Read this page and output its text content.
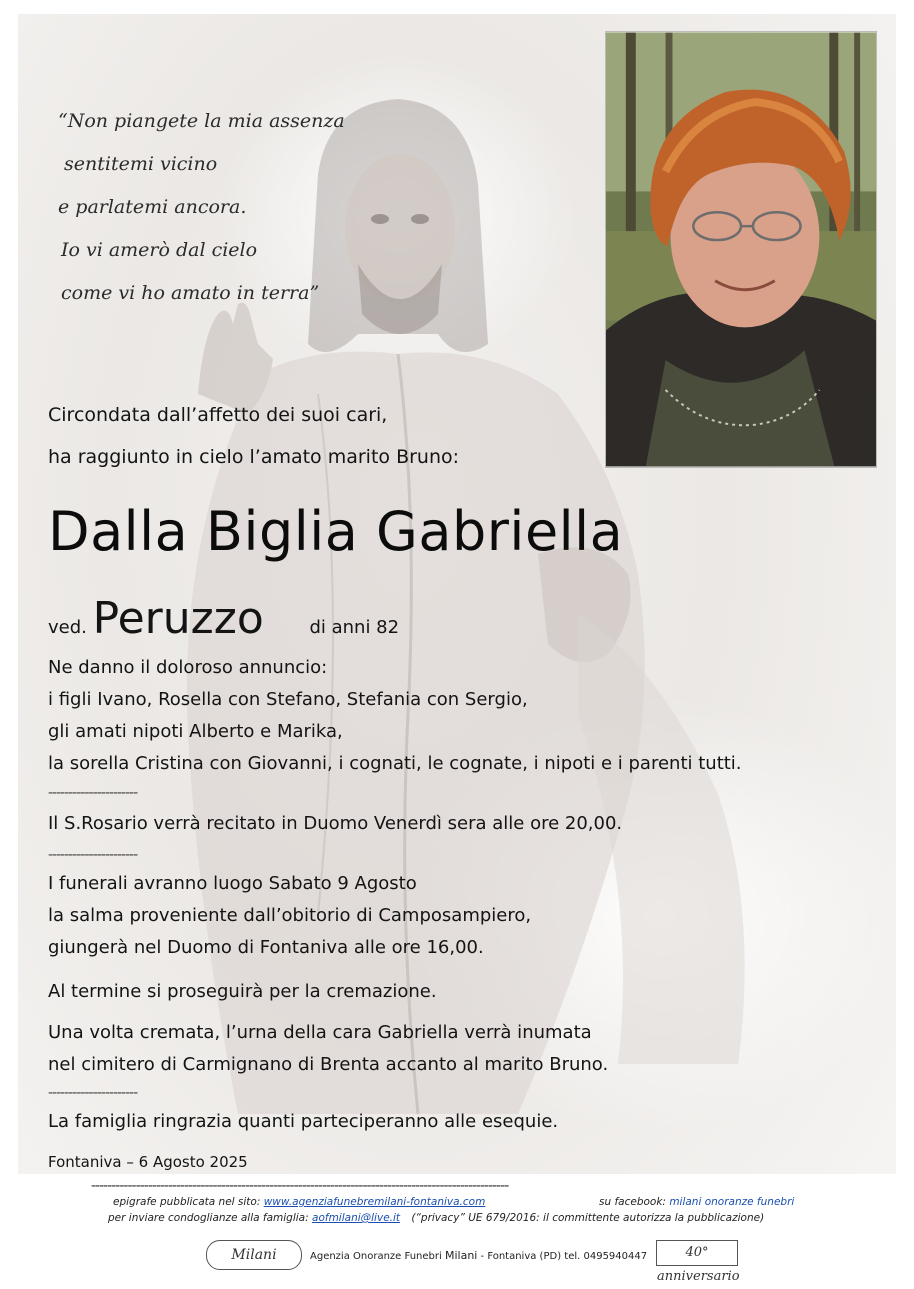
“Non piangete la mia assenza
sentitemi vicino
e parlatemi ancora.
Io vi amerò dal cielo
come vi ho amato in terra”
Circondata dall’affetto dei suoi cari,
ha raggiunto in cielo l’amato marito Bruno:
Dalla Biglia Gabriella
ved. Peruzzo	di anni 82
Ne danno il doloroso annuncio:
i figli Ivano, Rosella con Stefano, Stefania con Sergio,
gli amati nipoti Alberto e Marika,
la sorella Cristina con Giovanni, i cognati, le cognate, i nipoti e i parenti tutti.
----------------------
Il S.Rosario verrà recitato in Duomo Venerdì sera alle ore 20,00.
----------------------
I funerali avranno luogo Sabato 9 Agosto
la salma proveniente dall’obitorio di Camposampiero,
giungerà nel Duomo di Fontaniva alle ore 16,00.
Al termine si proseguirà per la cremazione.
Una volta cremata, l’urna della cara Gabriella verrà inumata
nel cimitero di Carmignano di Brenta accanto al marito Bruno.
----------------------
La famiglia ringrazia quanti parteciperanno alle esequie.
Fontaniva – 6 Agosto 2025
-------------------------------------------------------------------------------------------------------
epigrafe pubblicata nel sito: www.agenziafunebremilani-fontaniva.com	su facebook: milani onoranze funebri
per inviare condoglianze alla famiglia: aofmilani@live.it (“privacy” UE 679/2016: il committente autorizza la pubblicazione)
Milani	Agenzia Onoranze Funebri Milani - Fontaniva (PD) tel. 0495940447	40° anniversario
